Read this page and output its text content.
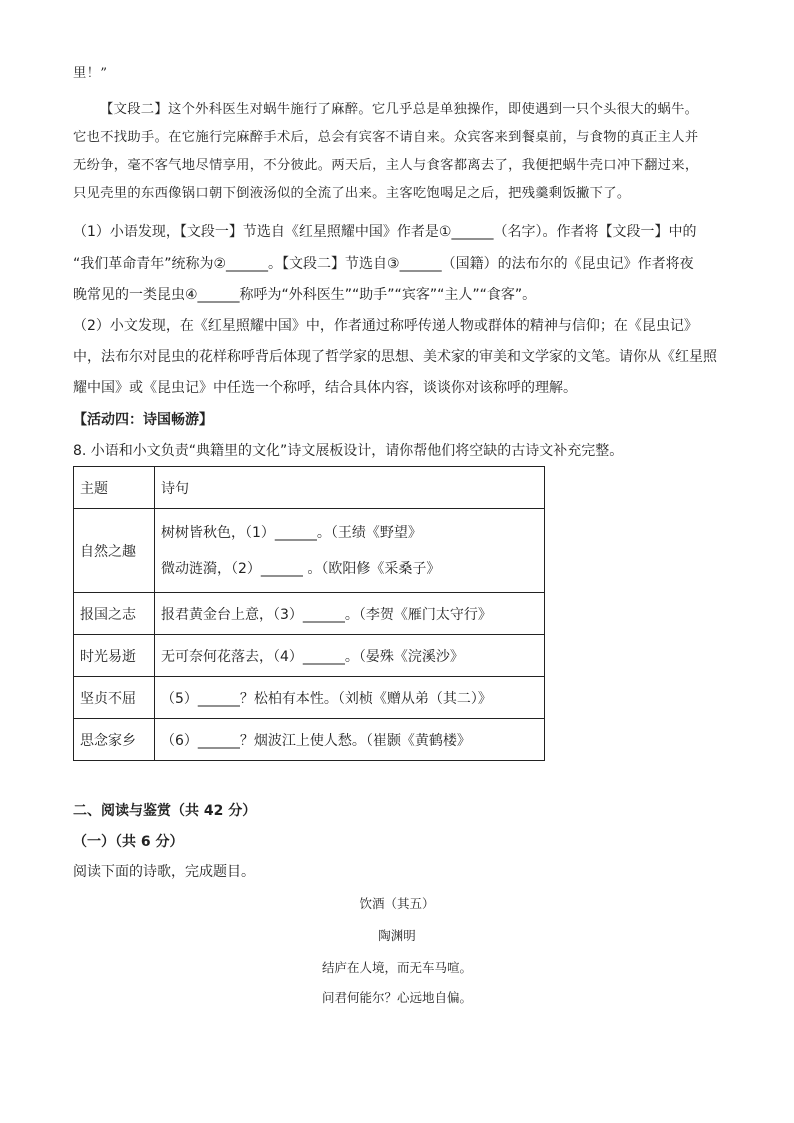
里！”
【文段二】这个外科医生对蜗牛施行了麻醉。它几乎总是单独操作，即使遇到一只个头很大的蜗牛。
它也不找助手。在它施行完麻醉手术后，总会有宾客不请自来。众宾客来到餐桌前，与食物的真正主人并
无纷争，毫不客气地尽情享用，不分彼此。两天后，主人与食客都离去了，我便把蜗牛壳口冲下翻过来，
只见壳里的东西像锅口朝下倒液汤似的全流了出来。主客吃饱喝足之后，把残羹剩饭撇下了。
（1）小语发现，【文段一】节选自《红星照耀中国》作者是①______（名字）。作者将【文段一】中的
“我们革命青年”统称为②______。【文段二】节选自③______（国籍）的法布尔的《昆虫记》作者将夜
晚常见的一类昆虫④______称呼为“外科医生”“助手”“宾客”“主人”“食客”。
（2）小文发现，在《红星照耀中国》中，作者通过称呼传递人物或群体的精神与信仰；在《昆虫记》
中，法布尔对昆虫的花样称呼背后体现了哲学家的思想、美术家的审美和文学家的文笔。请你从《红星照
耀中国》或《昆虫记》中任选一个称呼，结合具体内容，谈谈你对该称呼的理解。
【活动四：诗国畅游】
8. 小语和小文负责“典籍里的文化”诗文展板设计，请你帮他们将空缺的古诗文补充完整。
主题	诗句
自然之趣	树树皆秋色，（1）______。（王绩《野望》
微动涟漪，（2）______ 。（欧阳修《采桑子》

报国之志	报君黄金台上意，（3）______。（李贺《雁门太守行》
时光易逝	无可奈何花落去，（4）______。（晏殊《浣溪沙》
坚贞不屈	（5）______？松柏有本性。（刘桢《赠从弟（其二）》
思念家乡	（6）______？烟波江上使人愁。（崔颢《黄鹤楼》
二、阅读与鉴赏（共 42 分）
（一）（共 6 分）
阅读下面的诗歌，完成题目。
饮酒（其五）
陶渊明
结庐在人境，而无车马喧。
问君何能尔？心远地自偏。
